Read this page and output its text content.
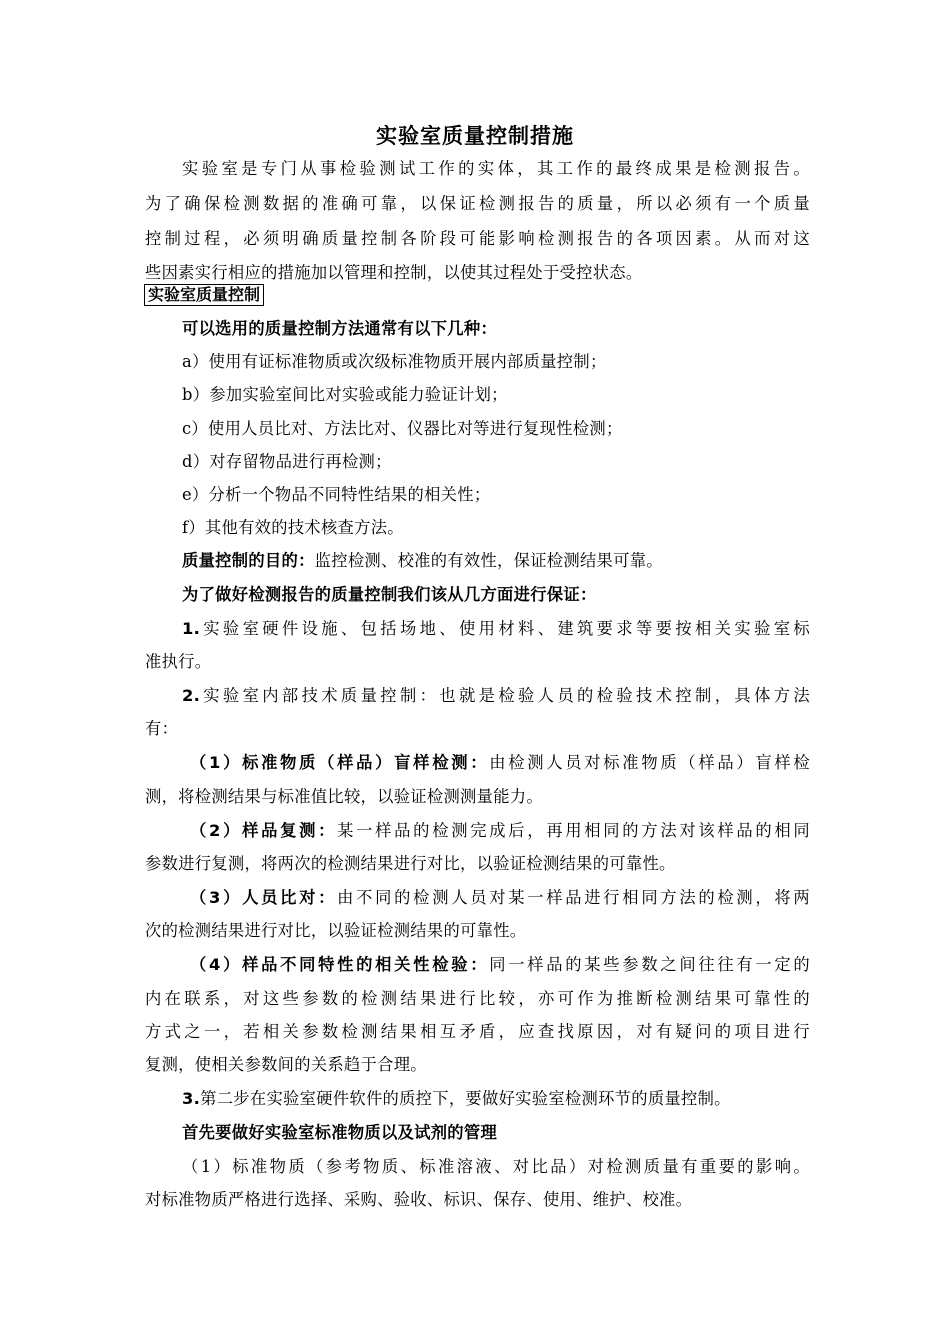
实验室质量控制措施
实验室是专门从事检验测试工作的实体，其工作的最终成果是检测报告。
为了确保检测数据的准确可靠，以保证检测报告的质量，所以必须有一个质量
控制过程，必须明确质量控制各阶段可能影响检测报告的各项因素。从而对这
些因素实行相应的措施加以管理和控制，以使其过程处于受控状态。
实验室质量控制
可以选用的质量控制方法通常有以下几种：
a）使用有证标准物质或次级标准物质开展内部质量控制；
b）参加实验室间比对实验或能力验证计划；
c）使用人员比对、方法比对、仪器比对等进行复现性检测；
d）对存留物品进行再检测；
e）分析一个物品不同特性结果的相关性；
f）其他有效的技术核查方法。
质量控制的目的：监控检测、校准的有效性，保证检测结果可靠。
为了做好检测报告的质量控制我们该从几方面进行保证：
1.实验室硬件设施、包括场地、使用材料、建筑要求等要按相关实验室标
准执行。
2.实验室内部技术质量控制：也就是检验人员的检验技术控制，具体方法
有：
（1）标准物质（样品）盲样检测：由检测人员对标准物质（样品）盲样检
测，将检测结果与标准值比较，以验证检测测量能力。
（2）样品复测：某一样品的检测完成后，再用相同的方法对该样品的相同
参数进行复测，将两次的检测结果进行对比，以验证检测结果的可靠性。
（3）人员比对：由不同的检测人员对某一样品进行相同方法的检测，将两
次的检测结果进行对比，以验证检测结果的可靠性。
（4）样品不同特性的相关性检验：同一样品的某些参数之间往往有一定的
内在联系，对这些参数的检测结果进行比较，亦可作为推断检测结果可靠性的
方式之一，若相关参数检测结果相互矛盾，应查找原因，对有疑问的项目进行
复测，使相关参数间的关系趋于合理。
3.第二步在实验室硬件软件的质控下，要做好实验室检测环节的质量控制。
首先要做好实验室标准物质以及试剂的管理
（1）标准物质（参考物质、标准溶液、对比品）对检测质量有重要的影响。
对标准物质严格进行选择、采购、验收、标识、保存、使用、维护、校准。
